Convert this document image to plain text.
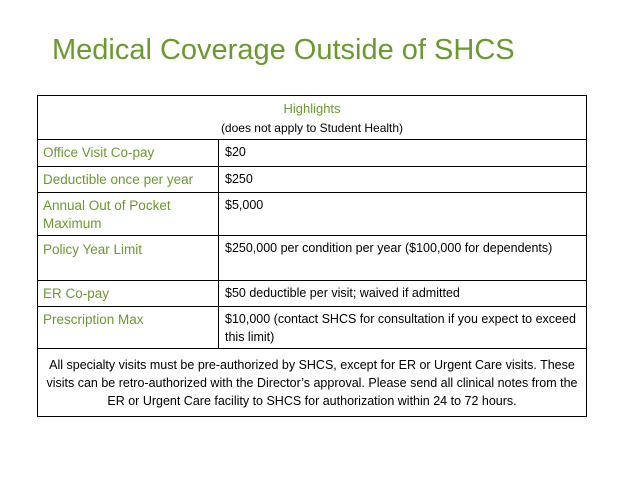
Medical Coverage Outside of SHCS
Highlights
(does not apply to Student Health)	

Office Visit Co-pay	$20
Deductible once per year	$250
Annual Out of Pocket Maximum	$5,000
Policy Year Limit	$250,000 per condition per year ($100,000 for dependents)
ER Co-pay	$50 deductible per visit; waived if admitted
Prescription Max	$10,000 (contact SHCS for consultation if you expect to exceed this limit)
All specialty visits must be pre-authorized by SHCS, except for ER or Urgent Care visits. These visits can be retro-authorized with the Director’s approval. Please send all clinical notes from the ER or Urgent Care facility to SHCS for authorization within 24 to 72 hours.	
